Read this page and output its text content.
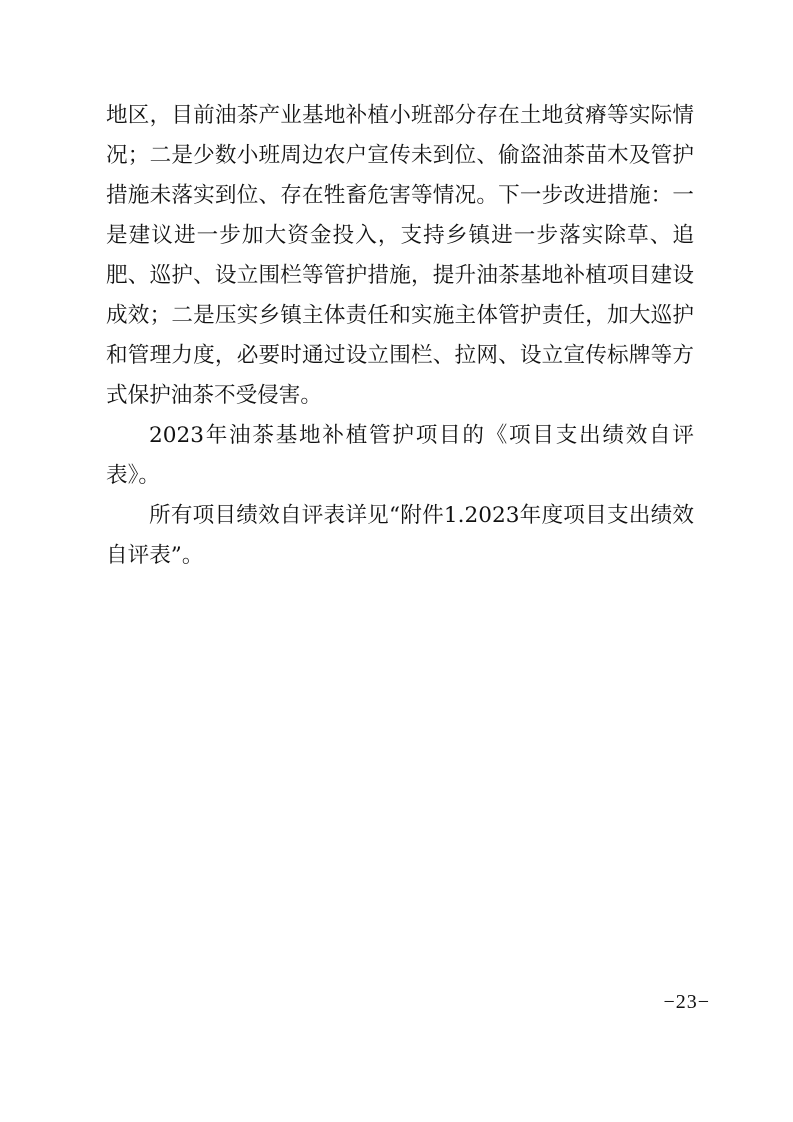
地区，目前油茶产业基地补植小班部分存在土地贫瘠等实际情况；二是少数小班周边农户宣传未到位、偷盗油茶苗木及管护措施未落实到位、存在牲畜危害等情况。下一步改进措施：一是建议进一步加大资金投入，支持乡镇进一步落实除草、追肥、巡护、设立围栏等管护措施，提升油茶基地补植项目建设成效；二是压实乡镇主体责任和实施主体管护责任，加大巡护和管理力度，必要时通过设立围栏、拉网、设立宣传标牌等方式保护油茶不受侵害。

2023年油茶基地补植管护项目的《项目支出绩效自评表》。

所有项目绩效自评表详见“附件1.2023年度项目支出绩效自评表”。

−23−
